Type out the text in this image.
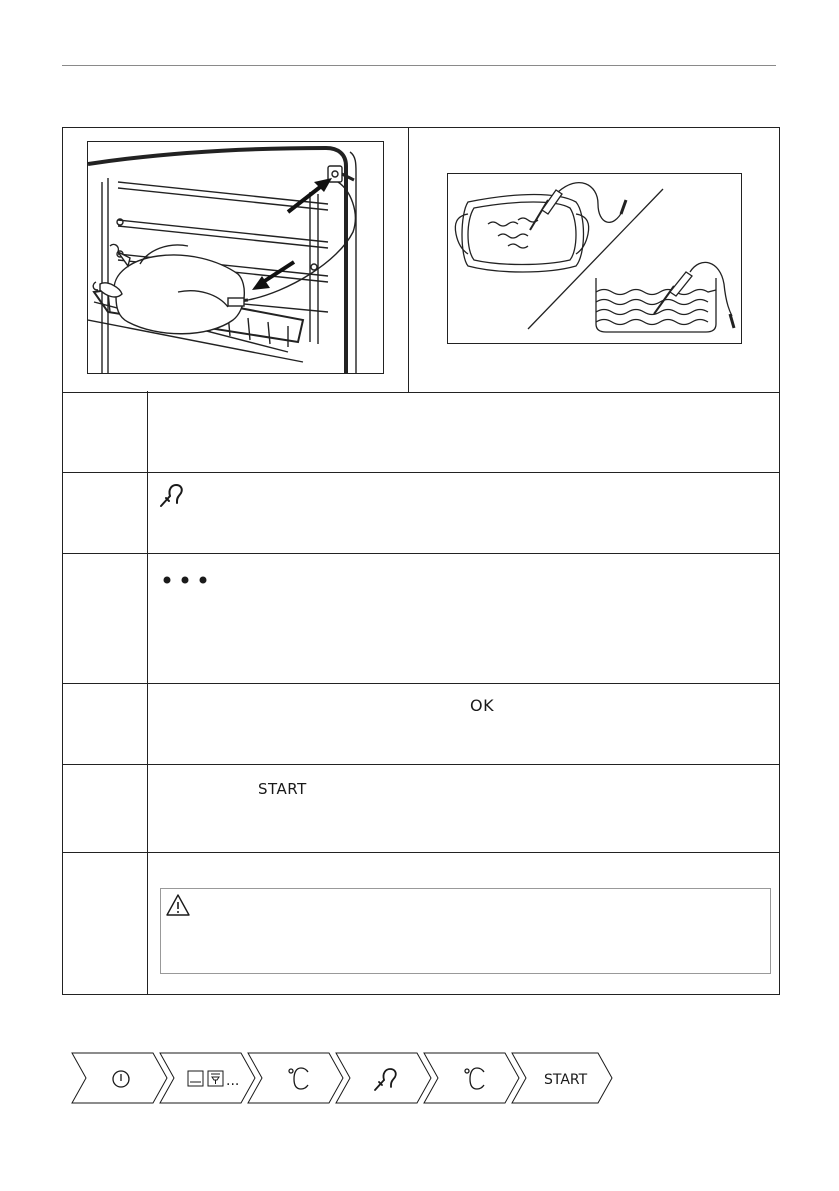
OK
START
...	START
